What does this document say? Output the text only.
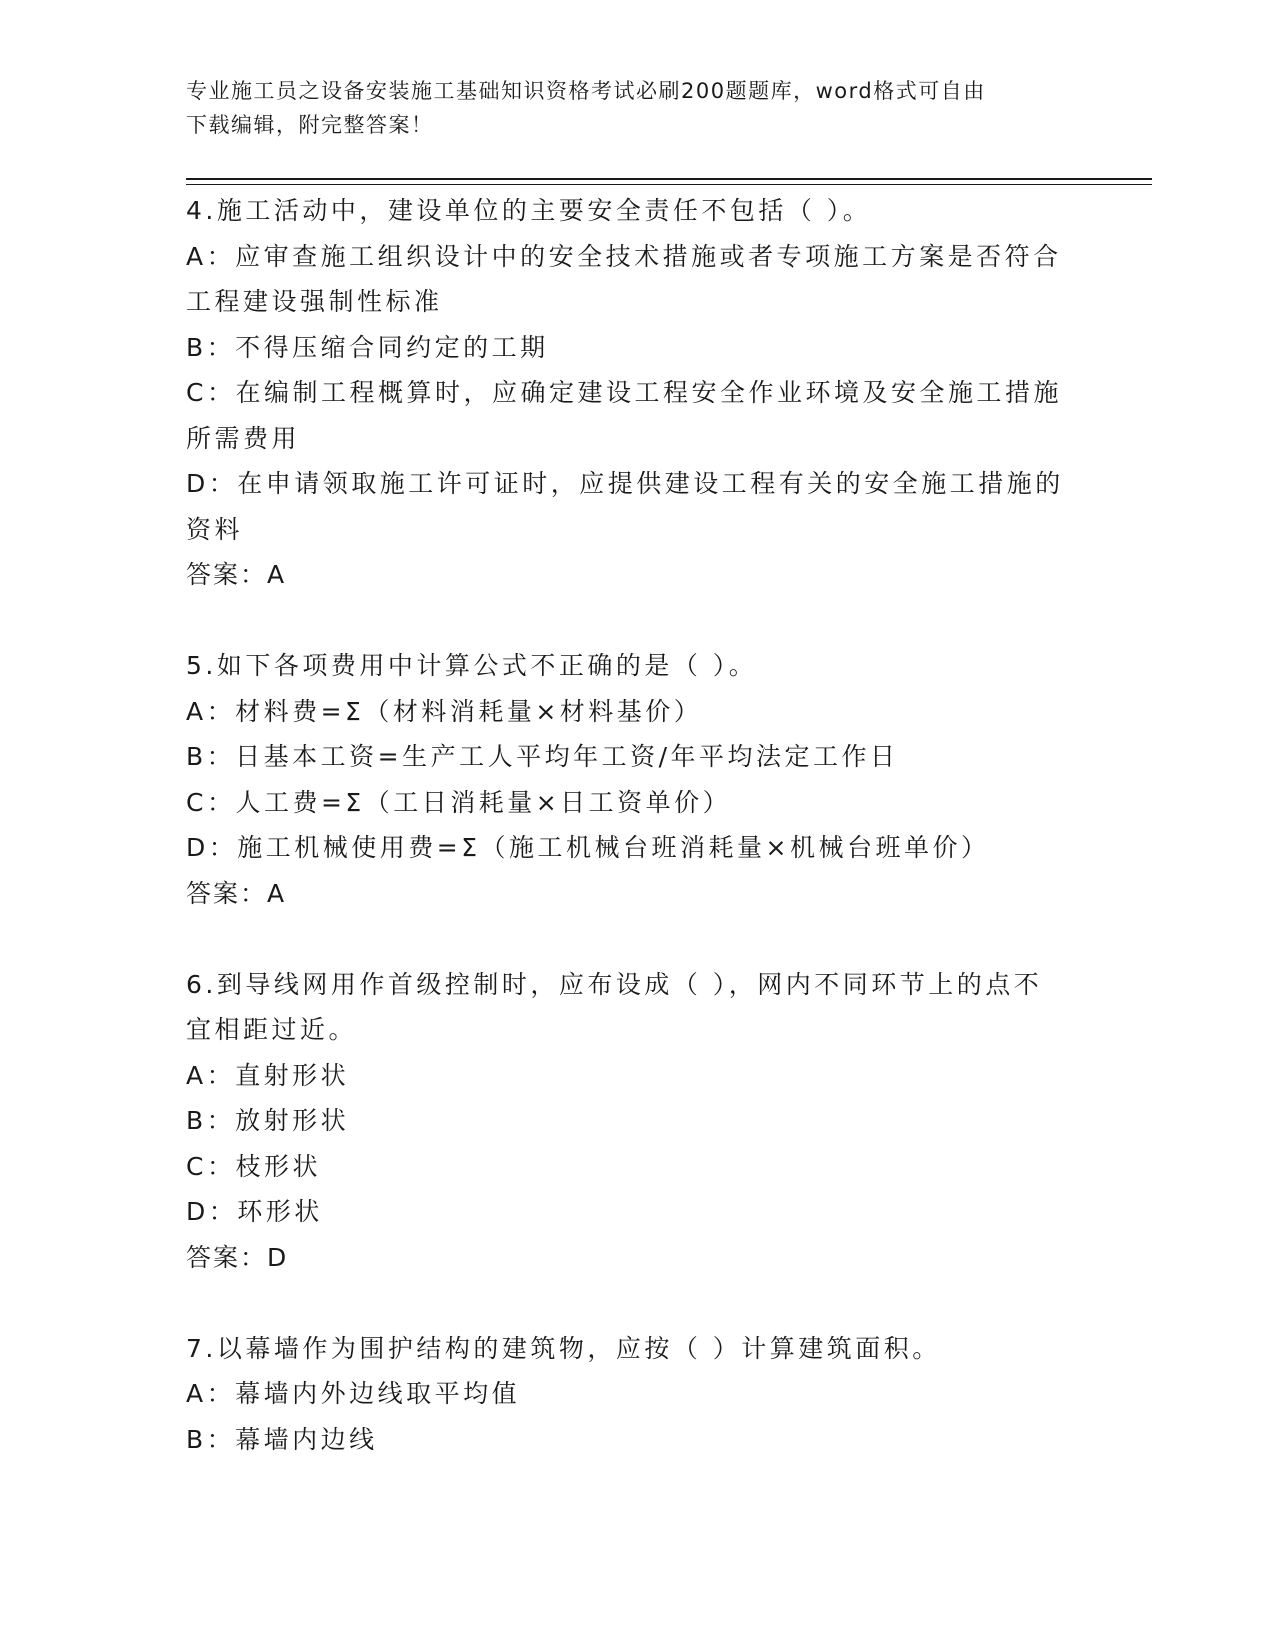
专业施工员之设备安装施工基础知识资格考试必刷200题题库，word格式可自由
下载编辑，附完整答案！
4.施工活动中，建设单位的主要安全责任不包括（ ）。
A：应审查施工组织设计中的安全技术措施或者专项施工方案是否符合
工程建设强制性标准
B：不得压缩合同约定的工期
C：在编制工程概算时，应确定建设工程安全作业环境及安全施工措施
所需费用
D：在申请领取施工许可证时，应提供建设工程有关的安全施工措施的
资料
答案：A
5.如下各项费用中计算公式不正确的是（ ）。
A：材料费=Σ（材料消耗量×材料基价）
B：日基本工资=生产工人平均年工资/年平均法定工作日
C：人工费=Σ（工日消耗量×日工资单价）
D：施工机械使用费=Σ（施工机械台班消耗量×机械台班单价）
答案：A
6.到导线网用作首级控制时，应布设成（ ），网内不同环节上的点不
宜相距过近。
A：直射形状
B：放射形状
C：枝形状
D：环形状
答案：D
7.以幕墙作为围护结构的建筑物，应按（ ）计算建筑面积。
A：幕墙内外边线取平均值
B：幕墙内边线
